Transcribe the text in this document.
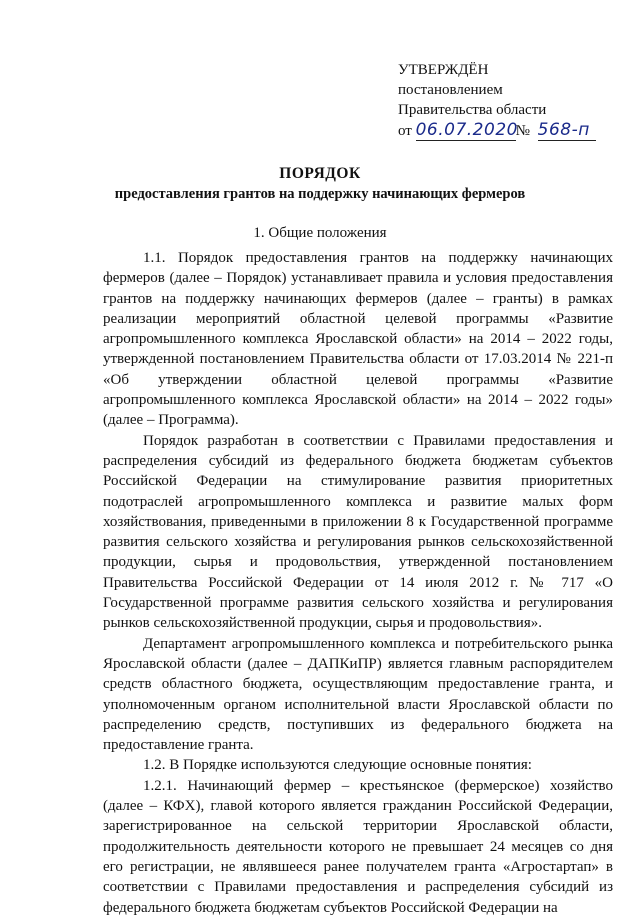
УТВЕРЖДЁН
постановлением
Правительства области
от 06.07.2020№ 568-п
ПОРЯДОК
предоставления грантов на поддержку начинающих фермеров
1. Общие положения

1.1. Порядок предоставления грантов на поддержку начинающих фермеров (далее – Порядок) устанавливает правила и условия предоставления грантов на поддержку начинающих фермеров (далее – гранты) в рамках реализации мероприятий областной целевой программы «Развитие агропромышленного комплекса Ярославской области» на 2014 – 2022 годы, утвержденной постановлением Правительства области от 17.03.2014 № 221-п «Об утверждении областной целевой программы «Развитие агропромышленного комплекса Ярославской области» на 2014 – 2022 годы» (далее – Программа).

Порядок разработан в соответствии с Правилами предоставления и распределения субсидий из федерального бюджета бюджетам субъектов Российской Федерации на стимулирование развития приоритетных подотраслей агропромышленного комплекса и развитие малых форм хозяйствования, приведенными в приложении 8 к Государственной программе развития сельского хозяйства и регулирования рынков сельскохозяйственной продукции, сырья и продовольствия, утвержденной постановлением Правительства Российской Федерации от 14 июля 2012 г. № 717 «О Государственной программе развития сельского хозяйства и регулирования рынков сельскохозяйственной продукции, сырья и продовольствия».

Департамент агропромышленного комплекса и потребительского рынка Ярославской области (далее – ДАПКиПР) является главным распорядителем средств областного бюджета, осуществляющим предоставление гранта, и уполномоченным органом исполнительной власти Ярославской области по распределению средств, поступивших из федерального бюджета на предоставление гранта.

1.2. В Порядке используются следующие основные понятия:

1.2.1. Начинающий фермер – крестьянское (фермерское) хозяйство (далее – КФХ), главой которого является гражданин Российской Федерации, зарегистрированное на сельской территории Ярославской области, продолжительность деятельности которого не превышает 24 месяцев со дня его регистрации, не являвшееся ранее получателем гранта «Агростартап» в соответствии с Правилами предоставления и распределения субсидий из федерального бюджета бюджетам субъектов Российской Федерации на
